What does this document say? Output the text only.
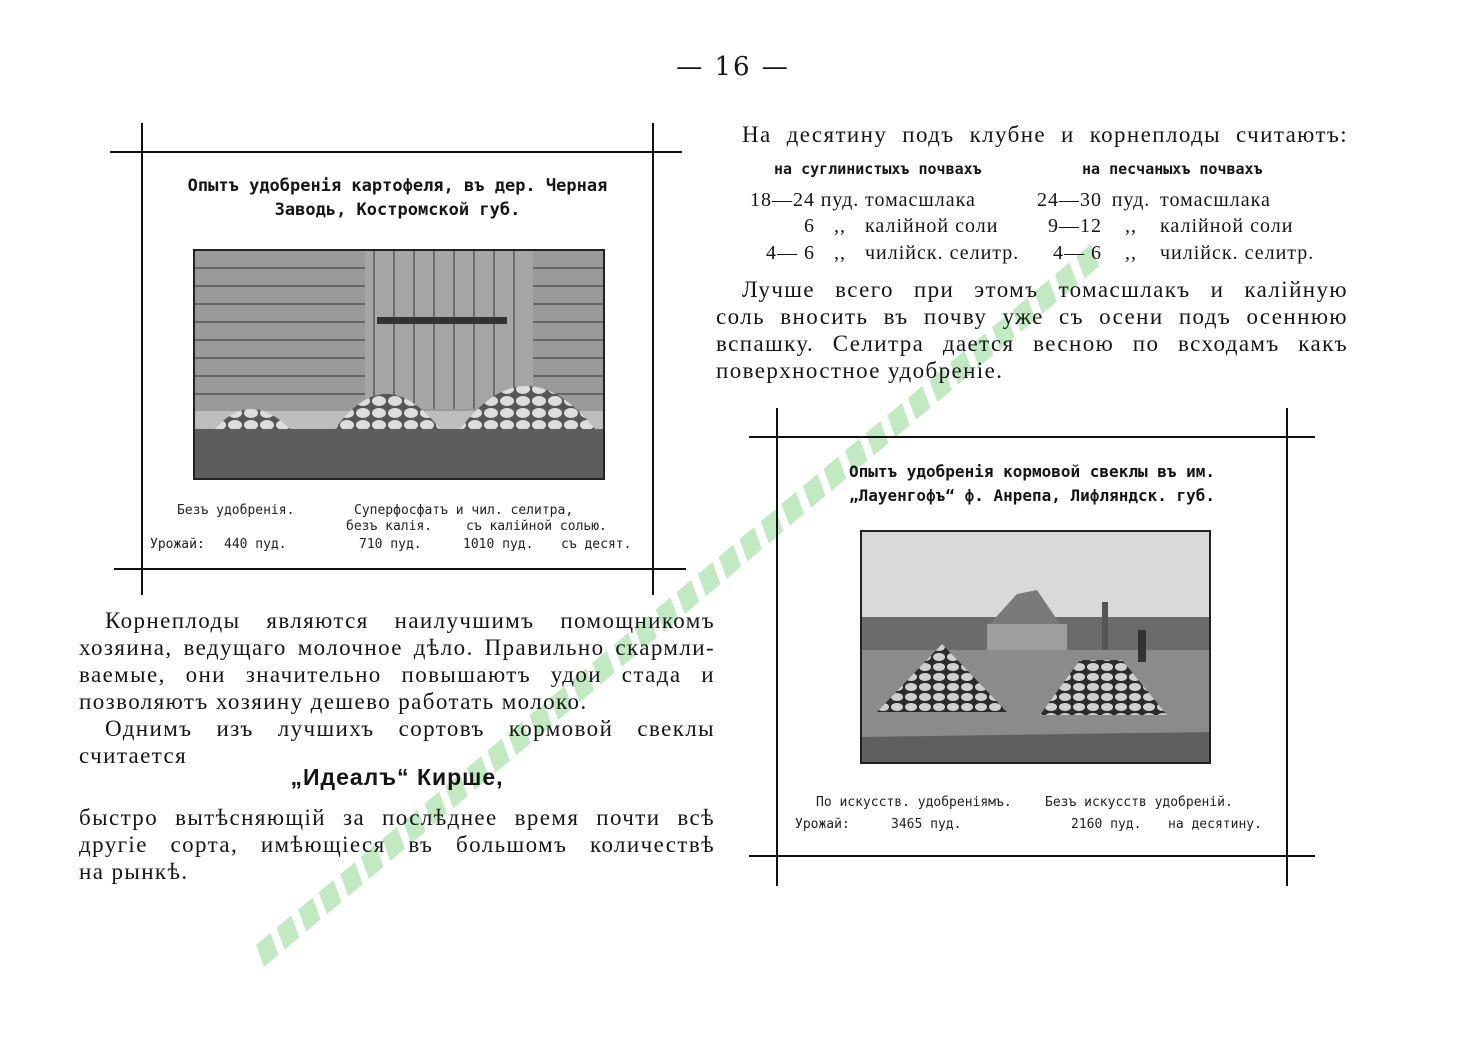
— 16 —
Опытъ удобренія картофеля, въ дер. Черная
Заводь, Костромской губ.
Безъ удобренія.	Суперфосфатъ и чил. селитра,
безъ калія.	съ калійной солью.
Урожай: 440 пуд.	710 пуд.	1010 пуд. съ десят.

Корнеплоды являются наилучшимъ помощникомъ

хозяина, ведущаго молочное дѣло. Правильно скармли-

ваемые, они значительно повышаютъ удои стада и

позволяютъ хозяину дешево работать молоко.

Однимъ изъ лучшихъ сортовъ кормовой свеклы

считается

„Идеалъ“ Кирше,

быстро вытѣсняющій за послѣднее время почти всѣ

другіе сорта, имѣющіеся въ большомъ количествѣ

на рынкѣ.

На десятину подъ клубне и корнеплоды считаютъ:
на суглинистыхъ почвахъ	на песчаныхъ почвахъ
18—24 пуд. томасшлака	24—30 пуд. томасшлака
6 ,, калійной соли	9—12	,,	калійной соли
4— 6 ,, чилійск. селитр.	4— 6	,,	чилійск. селитр.

Лучше всего при этомъ томасшлакъ и калійную

соль вносить въ почву уже съ осени подъ осеннюю

вспашку. Селитра дается весною по всходамъ какъ

поверхностное удобреніе.

Опытъ удобренія кормовой свеклы въ им.
„Лауенгофъ“ ф. Анрепа, Лифляндск. губ.
По искусств. удобреніямъ.	Безъ искусств удобреній.
Урожай:	3465 пуд.	2160 пуд. на десятину.
